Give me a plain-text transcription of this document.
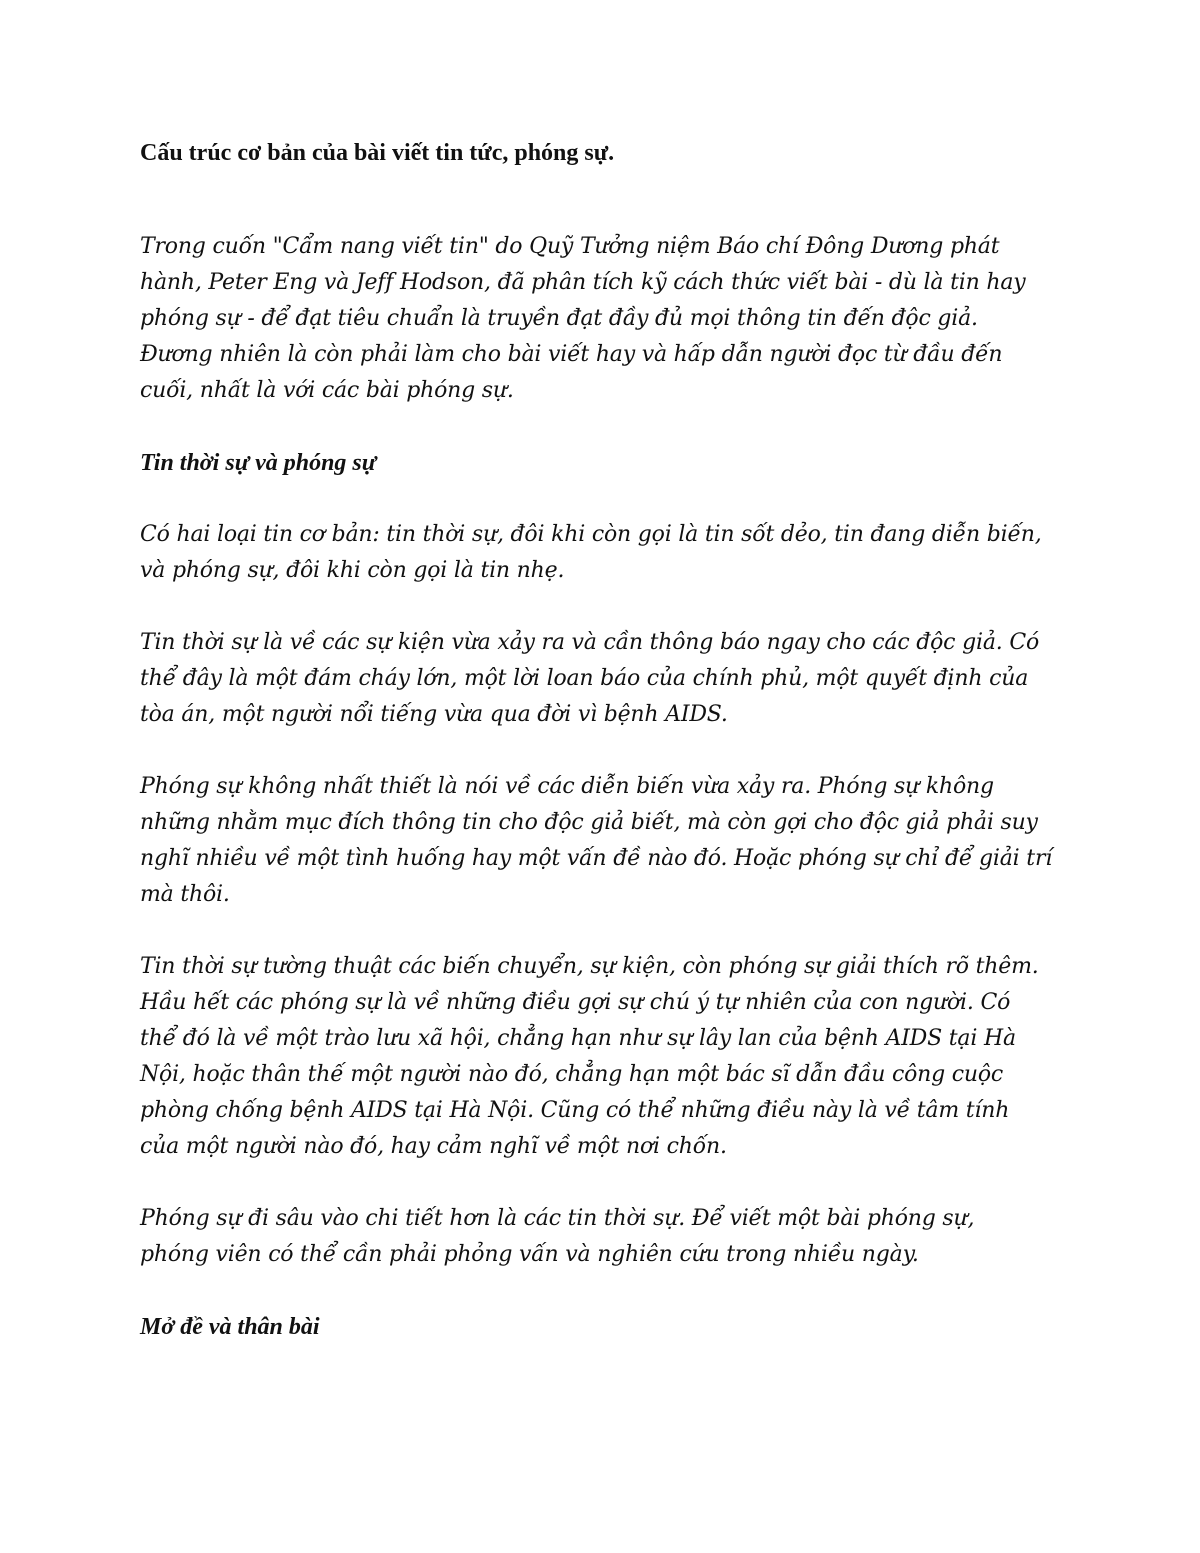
Cấu trúc cơ bản của bài viết tin tức, phóng sự.
Trong cuốn "Cẩm nang viết tin" do Quỹ Tưởng niệm Báo chí Đông Dương phát
hành, Peter Eng và Jeff Hodson, đã phân tích kỹ cách thức viết bài - dù là tin hay
phóng sự - để đạt tiêu chuẩn là truyền đạt đầy đủ mọi thông tin đến độc giả.
Đương nhiên là còn phải làm cho bài viết hay và hấp dẫn người đọc từ đầu đến
cuối, nhất là với các bài phóng sự.
Tin thời sự và phóng sự
Có hai loại tin cơ bản: tin thời sự, đôi khi còn gọi là tin sốt dẻo, tin đang diễn biến,
và phóng sự, đôi khi còn gọi là tin nhẹ.
Tin thời sự là về các sự kiện vừa xảy ra và cần thông báo ngay cho các độc giả. Có
thể đây là một đám cháy lớn, một lời loan báo của chính phủ, một quyết định của
tòa án, một người nổi tiếng vừa qua đời vì bệnh AIDS.
Phóng sự không nhất thiết là nói về các diễn biến vừa xảy ra. Phóng sự không
những nhằm mục đích thông tin cho độc giả biết, mà còn gợi cho độc giả phải suy
nghĩ nhiều về một tình huống hay một vấn đề nào đó. Hoặc phóng sự chỉ để giải trí
mà thôi.
Tin thời sự tường thuật các biến chuyển, sự kiện, còn phóng sự giải thích rõ thêm.
Hầu hết các phóng sự là về những điều gợi sự chú ý tự nhiên của con người. Có
thể đó là về một trào lưu xã hội, chẳng hạn như sự lây lan của bệnh AIDS tại Hà
Nội, hoặc thân thế một người nào đó, chẳng hạn một bác sĩ dẫn đầu công cuộc
phòng chống bệnh AIDS tại Hà Nội. Cũng có thể những điều này là về tâm tính
của một người nào đó, hay cảm nghĩ về một nơi chốn.
Phóng sự đi sâu vào chi tiết hơn là các tin thời sự. Để viết một bài phóng sự,
phóng viên có thể cần phải phỏng vấn và nghiên cứu trong nhiều ngày.
Mở đề và thân bài
